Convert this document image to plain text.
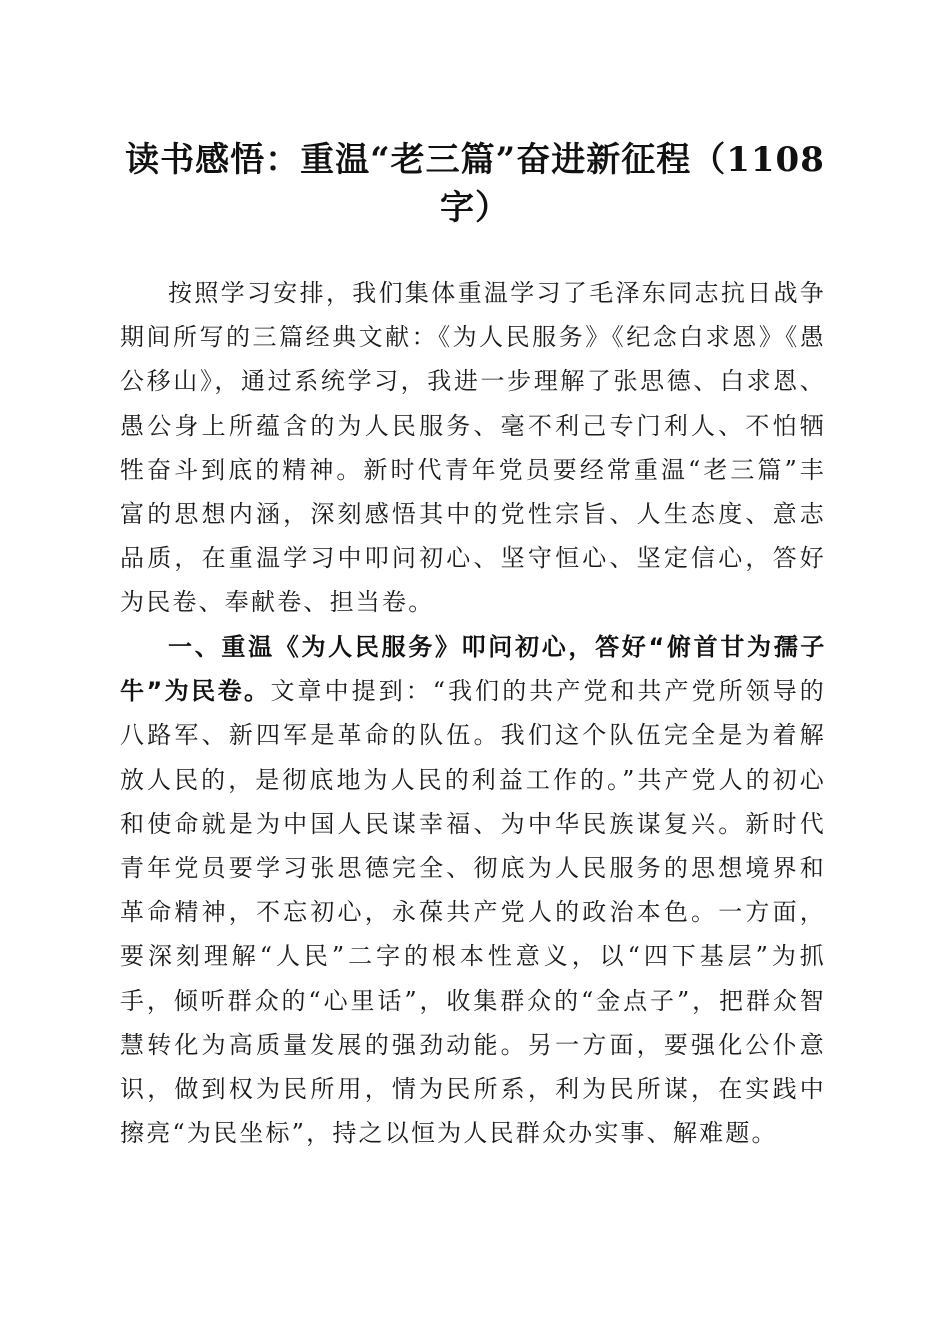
读书感悟：重温“老三篇”奋进新征程（1108字）

按照学习安排，我们集体重温学习了毛泽东同志抗日战争期间所写的三篇经典文献：《为人民服务》《纪念白求恩》《愚公移山》，通过系统学习，我进一步理解了张思德、白求恩、愚公身上所蕴含的为人民服务、毫不利己专门利人、不怕牺牲奋斗到底的精神。新时代青年党员要经常重温“老三篇”丰富的思想内涵，深刻感悟其中的党性宗旨、人生态度、意志品质，在重温学习中叩问初心、坚守恒心、坚定信心，答好为民卷、奉献卷、担当卷。

一、重温《为人民服务》叩问初心，答好“俯首甘为孺子牛”为民卷。文章中提到：“我们的共产党和共产党所领导的八路军、新四军是革命的队伍。我们这个队伍完全是为着解放人民的，是彻底地为人民的利益工作的。”共产党人的初心和使命就是为中国人民谋幸福、为中华民族谋复兴。新时代青年党员要学习张思德完全、彻底为人民服务的思想境界和革命精神，不忘初心，永葆共产党人的政治本色。一方面，要深刻理解“人民”二字的根本性意义，以“四下基层”为抓手，倾听群众的“心里话”，收集群众的“金点子”，把群众智慧转化为高质量发展的强劲动能。另一方面，要强化公仆意识，做到权为民所用，情为民所系，利为民所谋，在实践中擦亮“为民坐标”，持之以恒为人民群众办实事、解难题。
